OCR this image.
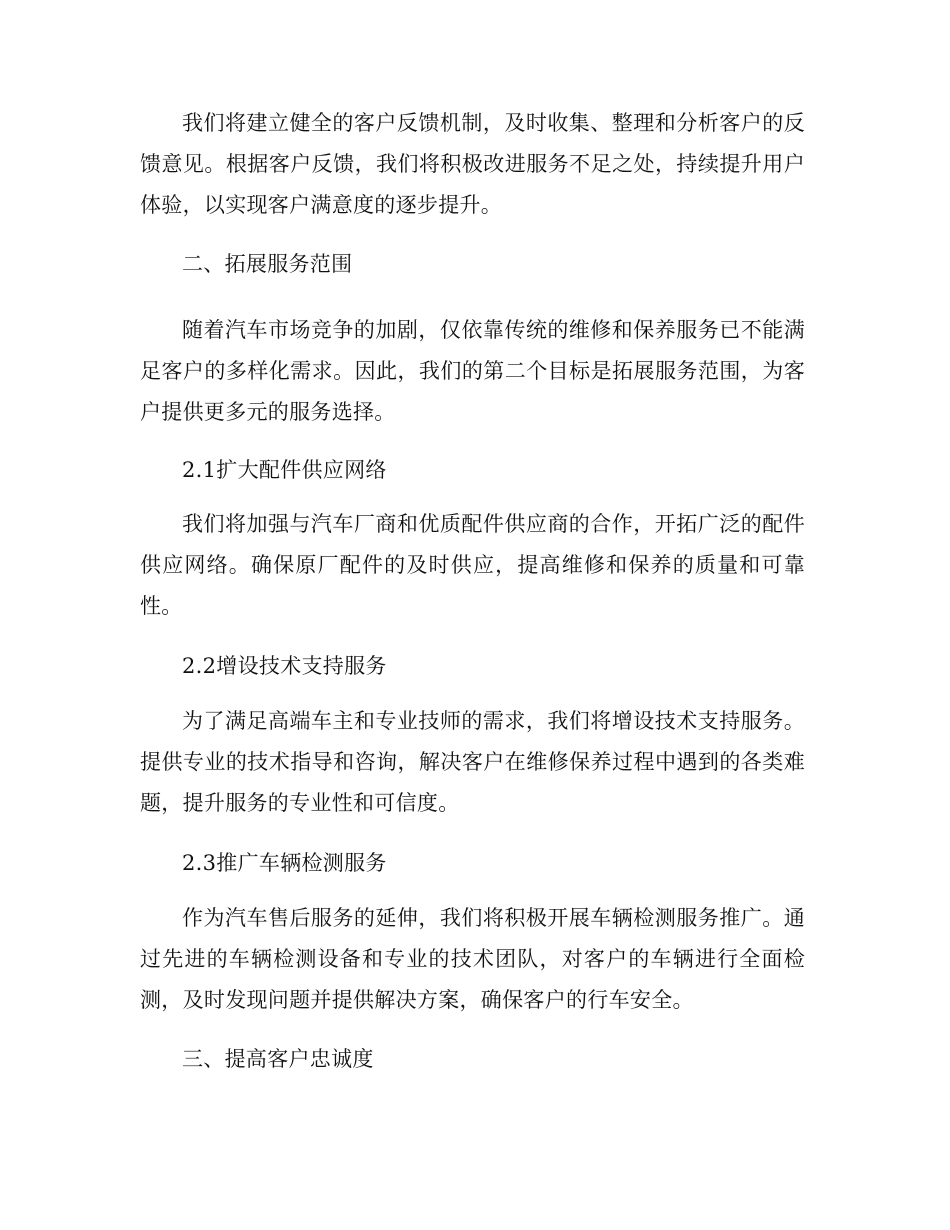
我们将建立健全的客户反馈机制，及时收集、整理和分析客户的反馈意见。根据客户反馈，我们将积极改进服务不足之处，持续提升用户体验，以实现客户满意度的逐步提升。

二、拓展服务范围

随着汽车市场竞争的加剧，仅依靠传统的维修和保养服务已不能满足客户的多样化需求。因此，我们的第二个目标是拓展服务范围，为客户提供更多元的服务选择。

2.1扩大配件供应网络

我们将加强与汽车厂商和优质配件供应商的合作，开拓广泛的配件供应网络。确保原厂配件的及时供应，提高维修和保养的质量和可靠性。

2.2增设技术支持服务

为了满足高端车主和专业技师的需求，我们将增设技术支持服务。提供专业的技术指导和咨询，解决客户在维修保养过程中遇到的各类难题，提升服务的专业性和可信度。

2.3推广车辆检测服务

作为汽车售后服务的延伸，我们将积极开展车辆检测服务推广。通过先进的车辆检测设备和专业的技术团队，对客户的车辆进行全面检测，及时发现问题并提供解决方案，确保客户的行车安全。

三、提高客户忠诚度
